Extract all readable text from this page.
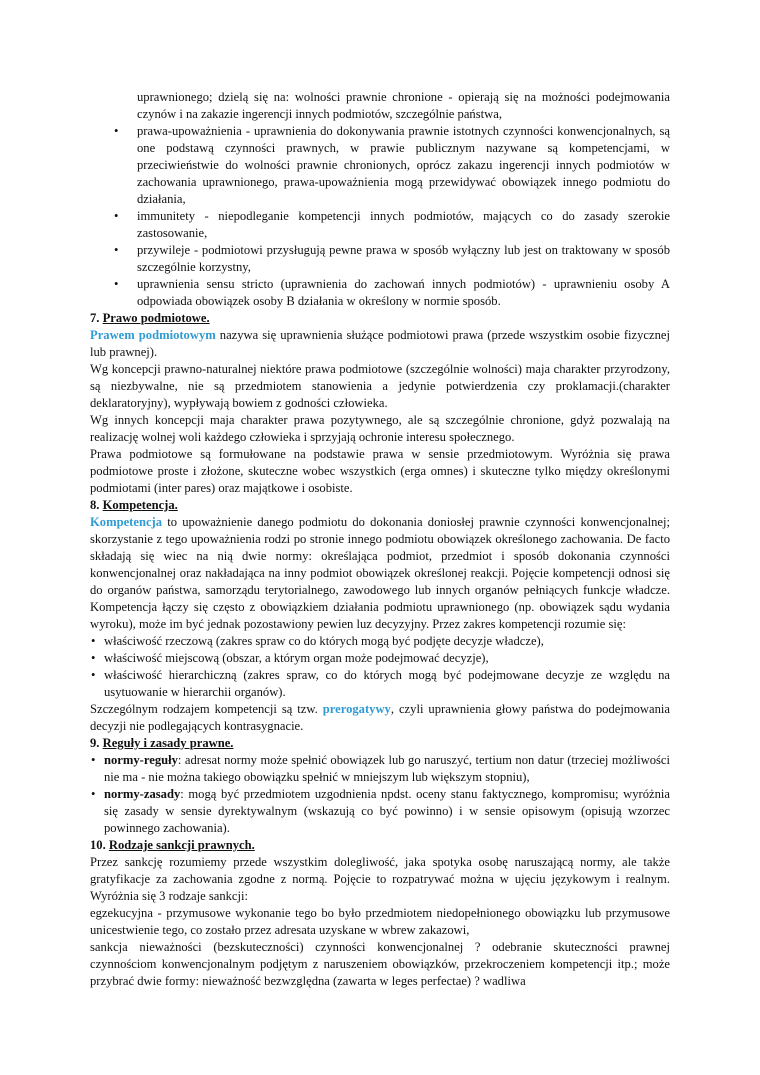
uprawnionego; dzielą się na: wolności prawnie chronione - opierają się na możności podejmowania czynów i na zakazie ingerencji innych podmiotów, szczególnie państwa,

• prawa-upoważnienia - uprawnienia do dokonywania prawnie istotnych czynności konwencjonalnych, są one podstawą czynności prawnych, w prawie publicznym nazywane są kompetencjami, w przeciwieństwie do wolności prawnie chronionych, oprócz zakazu ingerencji innych podmiotów w zachowania uprawnionego, prawa-upoważnienia mogą przewidywać obowiązek innego podmiotu do działania,
• immunitety - niepodleganie kompetencji innych podmiotów, mających co do zasady szerokie zastosowanie,
• przywileje - podmiotowi przysługują pewne prawa w sposób wyłączny lub jest on traktowany w sposób szczególnie korzystny,
• uprawnienia sensu stricto (uprawnienia do zachowań innych podmiotów) - uprawnieniu osoby A odpowiada obowiązek osoby B działania w określony w normie sposób.
7. Prawo podmiotowe.

Prawem podmiotowym nazywa się uprawnienia służące podmiotowi prawa (przede wszystkim osobie fizycznej lub prawnej).

Wg koncepcji prawno-naturalnej niektóre prawa podmiotowe (szczególnie wolności) maja charakter przyrodzony, są niezbywalne, nie są przedmiotem stanowienia a jedynie potwierdzenia czy proklamacji.(charakter deklaratoryjny), wypływają bowiem z godności człowieka.

Wg innych koncepcji maja charakter prawa pozytywnego, ale są szczególnie chronione, gdyż pozwalają na realizację wolnej woli każdego człowieka i sprzyjają ochronie interesu społecznego.

Prawa podmiotowe są formułowane na podstawie prawa w sensie przedmiotowym. Wyróżnia się prawa podmiotowe proste i złożone, skuteczne wobec wszystkich (erga omnes) i skuteczne tylko między określonymi podmiotami (inter pares) oraz majątkowe i osobiste.

8. Kompetencja.

Kompetencja to upoważnienie danego podmiotu do dokonania doniosłej prawnie czynności konwencjonalnej; skorzystanie z tego upoważnienia rodzi po stronie innego podmiotu obowiązek określonego zachowania. De facto składają się wiec na nią dwie normy: określająca podmiot, przedmiot i sposób dokonania czynności konwencjonalnej oraz nakładająca na inny podmiot obowiązek określonej reakcji. Pojęcie kompetencji odnosi się do organów państwa, samorządu terytorialnego, zawodowego lub innych organów pełniących funkcje władcze. Kompetencja łączy się często z obowiązkiem działania podmiotu uprawnionego (np. obowiązek sądu wydania wyroku), może im być jednak pozostawiony pewien luz decyzyjny. Przez zakres kompetencji rozumie się:

• właściwość rzeczową (zakres spraw co do których mogą być podjęte decyzje władcze),
• właściwość miejscową (obszar, a którym organ może podejmować decyzje),
• właściwość hierarchiczną (zakres spraw, co do których mogą być podejmowane decyzje ze względu na usytuowanie w hierarchii organów).

Szczególnym rodzajem kompetencji są tzw. prerogatywy, czyli uprawnienia głowy państwa do podejmowania decyzji nie podlegających kontrasygnacie.

9. Reguły i zasady prawne.
• normy-reguły: adresat normy może spełnić obowiązek lub go naruszyć, tertium non datur (trzeciej możliwości nie ma - nie można takiego obowiązku spełnić w mniejszym lub większym stopniu),
• normy-zasady: mogą być przedmiotem uzgodnienia npdst. oceny stanu faktycznego, kompromisu; wyróżnia się zasady w sensie dyrektywalnym (wskazują co być powinno) i w sensie opisowym (opisują wzorzec powinnego zachowania).
10. Rodzaje sankcji prawnych.

Przez sankcję rozumiemy przede wszystkim dolegliwość, jaka spotyka osobę naruszającą normy, ale także gratyfikacje za zachowania zgodne z normą. Pojęcie to rozpatrywać można w ujęciu językowym i realnym. Wyróżnia się 3 rodzaje sankcji:

egzekucyjna - przymusowe wykonanie tego bo było przedmiotem niedopełnionego obowiązku lub przymusowe unicestwienie tego, co zostało przez adresata uzyskane w wbrew zakazowi,

sankcja nieważności (bezskuteczności) czynności konwencjonalnej ? odebranie skuteczności prawnej czynnościom konwencjonalnym podjętym z naruszeniem obowiązków, przekroczeniem kompetencji itp.; może przybrać dwie formy: nieważność bezwzględna (zawarta w leges perfectae) ? wadliwa
